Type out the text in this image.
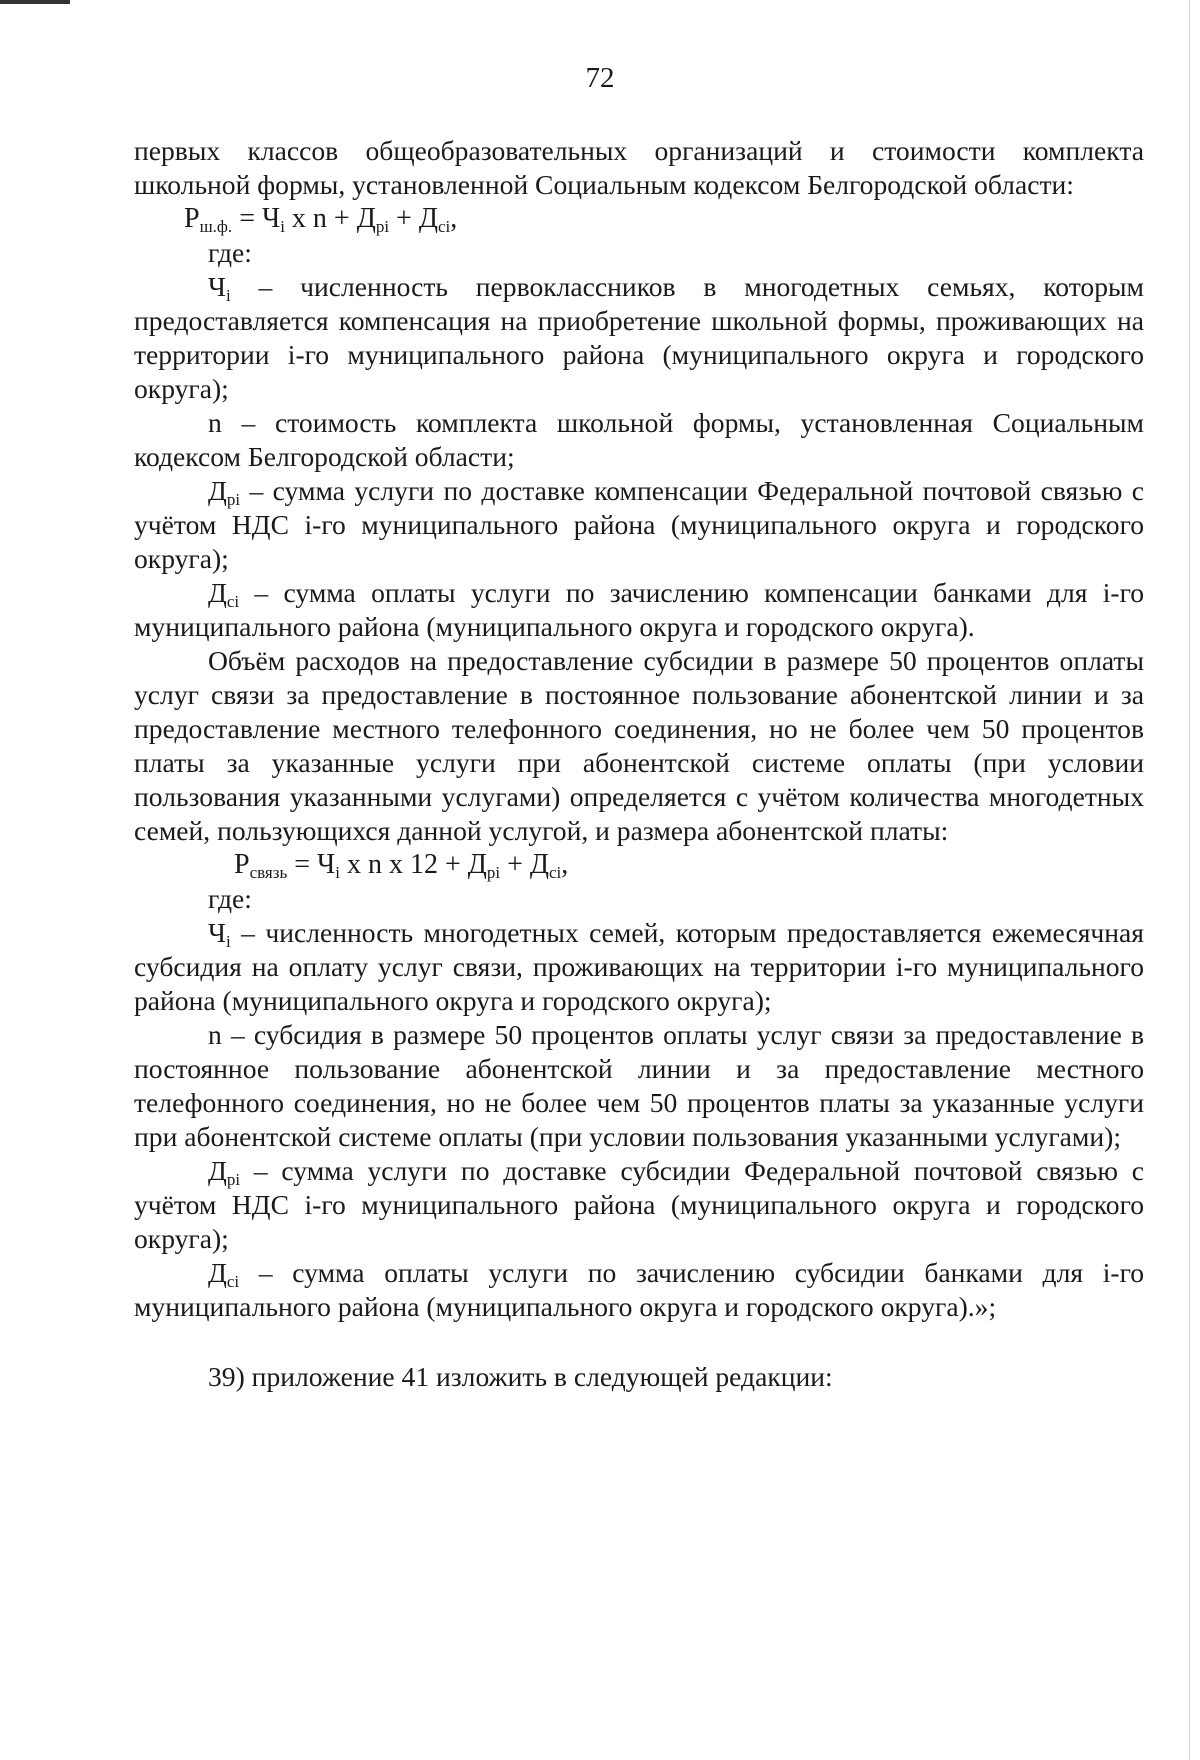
72

первых классов общеобразовательных организаций и стоимости комплекта школьной формы, установленной Социальным кодексом Белгородской области:

$Р_{ш.ф.} = Ч_i$ x $n + Д_{pi} + Д_{ci}$,

где:

$Ч_i$ – численность первоклассников в многодетных семьях, которым предоставляется компенсация на приобретение школьной формы, проживающих на территории i-го муниципального района (муниципального округа и городского округа);

n – стоимость комплекта школьной формы, установленная Социальным кодексом Белгородской области;

$Д_{pi}$ – сумма услуги по доставке компенсации Федеральной почтовой связью с учётом НДС i-го муниципального района (муниципального округа и городского округа);

$Д_{ci}$ – сумма оплаты услуги по зачислению компенсации банками для i-го муниципального района (муниципального округа и городского округа).

Объём расходов на предоставление субсидии в размере 50 процентов оплаты услуг связи за предоставление в постоянное пользование абонентской линии и за предоставление местного телефонного соединения, но не более чем 50 процентов платы за указанные услуги при абонентской системе оплаты (при условии пользования указанными услугами) определяется с учётом количества многодетных семей, пользующихся данной услугой, и размера абонентской платы:

$Р_{связь} = Ч_i$ x n x $12 + Д_{pi} + Д_{ci}$,

где:

$Ч_i$ – численность многодетных семей, которым предоставляется ежемесячная субсидия на оплату услуг связи, проживающих на территории i-го муниципального района (муниципального округа и городского округа);

n – субсидия в размере 50 процентов оплаты услуг связи за предоставление в постоянное пользование абонентской линии и за предоставление местного телефонного соединения, но не более чем 50 процентов платы за указанные услуги при абонентской системе оплаты (при условии пользования указанными услугами);

$Д_{pi}$ – сумма услуги по доставке субсидии Федеральной почтовой связью с учётом НДС i-го муниципального района (муниципального округа и городского округа);

$Д_{ci}$ – сумма оплаты услуги по зачислению субсидии банками для i-го муниципального района (муниципального округа и городского округа).»;

39) приложение 41 изложить в следующей редакции:
